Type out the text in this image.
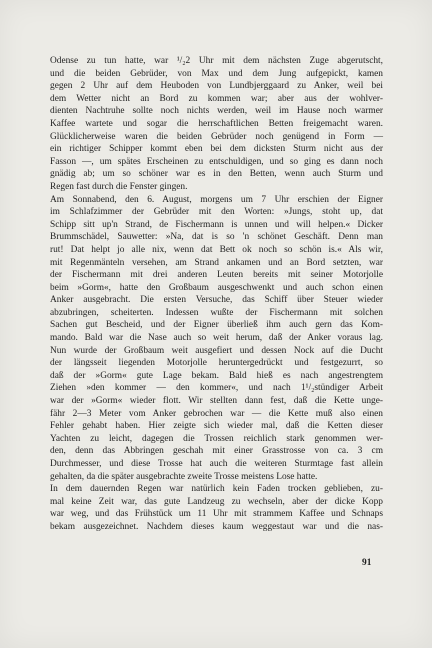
Odense zu tun hatte, war ¹/₂2 Uhr mit dem nächsten Zuge abgerutscht,
und die beiden Gebrüder, von Max und dem Jung aufgepickt, kamen
gegen 2 Uhr auf dem Heuboden von Lundbjerggaard zu Anker, weil bei
dem Wetter nicht an Bord zu kommen war; aber aus der wohlver-
dienten Nachtruhe sollte noch nichts werden, weil im Hause noch warmer
Kaffee wartete und sogar die herrschaftlichen Betten freigemacht waren.
Glücklicherweise waren die beiden Gebrüder noch genügend in Form —
ein richtiger Schipper kommt eben bei dem dicksten Sturm nicht aus der
Fasson —, um spätes Erscheinen zu entschuldigen, und so ging es dann noch
gnädig ab; um so schöner war es in den Betten, wenn auch Sturm und
Regen fast durch die Fenster gingen.
Am Sonnabend, den 6. August, morgens um 7 Uhr erschien der Eigner
im Schlafzimmer der Gebrüder mit den Worten: »Jungs, stoht up, dat
Schipp sitt up'n Strand, de Fischermann is unnen und will helpen.« Dicker
Brummschädel, Sauwetter: »Na, dat is so 'n schönet Geschäft. Denn man
rut! Dat helpt jo alle nix, wenn dat Bett ok noch so schön is.« Als wir,
mit Regenmänteln versehen, am Strand ankamen und an Bord setzten, war
der Fischermann mit drei anderen Leuten bereits mit seiner Motorjolle
beim »Gorm«, hatte den Großbaum ausgeschwenkt und auch schon einen
Anker ausgebracht. Die ersten Versuche, das Schiff über Steuer wieder
abzubringen, scheiterten. Indessen wußte der Fischermann mit solchen
Sachen gut Bescheid, und der Eigner überließ ihm auch gern das Kom-
mando. Bald war die Nase auch so weit herum, daß der Anker voraus lag.
Nun wurde der Großbaum weit ausgefiert und dessen Nock auf die Ducht
der längsseit liegenden Motorjolle heruntergedrückt und festgezurrt, so
daß der »Gorm« gute Lage bekam. Bald hieß es nach angestrengtem
Ziehen »den kommer — den kommer«, und nach 1¹/₂stündiger Arbeit
war der »Gorm« wieder flott. Wir stellten dann fest, daß die Kette unge-
fähr 2—3 Meter vom Anker gebrochen war — die Kette muß also einen
Fehler gehabt haben. Hier zeigte sich wieder mal, daß die Ketten dieser
Yachten zu leicht, dagegen die Trossen reichlich stark genommen wer-
den, denn das Abbringen geschah mit einer Grasstrosse von ca. 3 cm
Durchmesser, und diese Trosse hat auch die weiteren Sturmtage fast allein
gehalten, da die später ausgebrachte zweite Trosse meistens Lose hatte.
In dem dauernden Regen war natürlich kein Faden trocken geblieben, zu-
mal keine Zeit war, das gute Landzeug zu wechseln, aber der dicke Kopp
war weg, und das Frühstück um 11 Uhr mit strammem Kaffee und Schnaps
bekam ausgezeichnet. Nachdem dieses kaum weggestaut war und die nas-
91
